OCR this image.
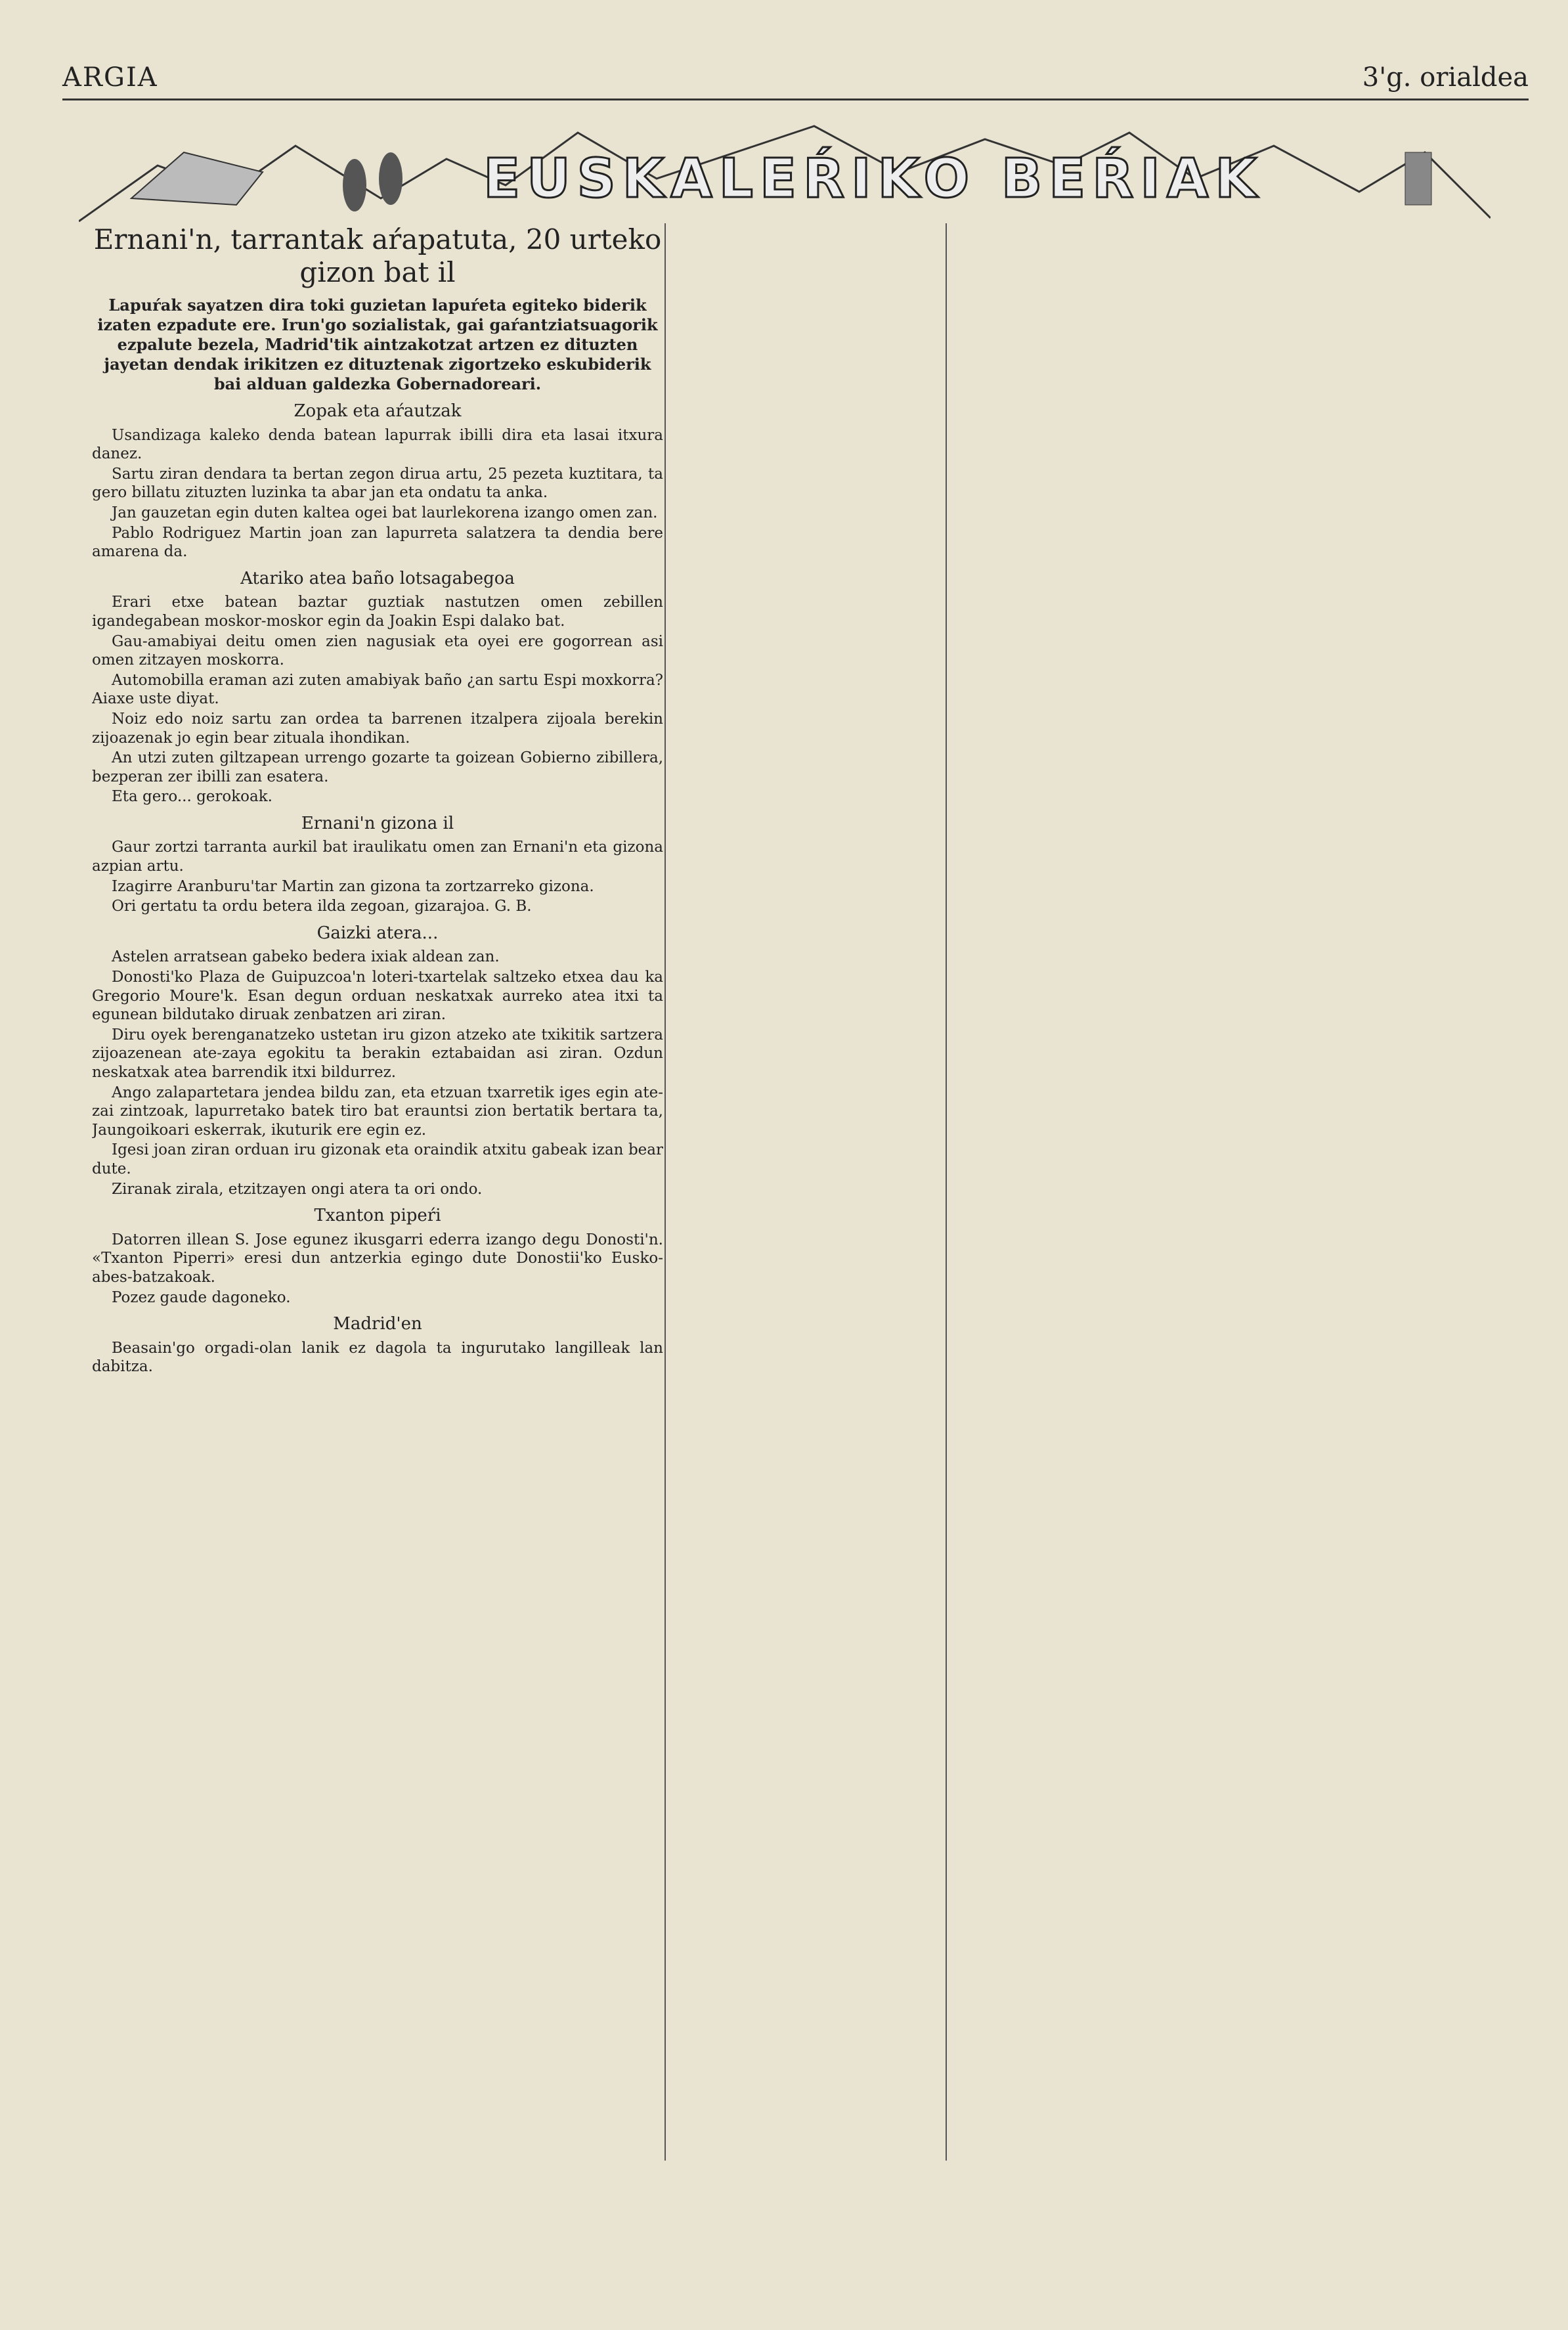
ARGIA	3'g. orialdea
EUSKALEŔIKO BEŔIAK
Ernani'n, tarrantak aŕapatuta, 20 urteko gizon bat il

Lapuŕak sayatzen dira toki guzietan lapuŕeta egiteko biderik izaten ezpadute ere. Irun'go sozialistak, gai gaŕantziatsuagorik ezpalute bezela, Madrid'tik aintzakotzat artzen ez dituzten jayetan dendak irikitzen ez dituztenak zigortzeko eskubiderik bai alduan galdezka Gobernadoreari.

Zopak eta aŕautzak

Usandizaga kaleko denda batean lapurrak ibilli dira eta lasai itxura danez.

Sartu ziran dendara ta bertan zegon dirua artu, 25 pezeta kuztitara, ta gero billatu zituzten luzinka ta abar jan eta ondatu ta anka.

Jan gauzetan egin duten kaltea ogei bat laurlekorena izango omen zan.

Pablo Rodriguez Martin joan zan lapurreta salatzera ta dendia bere amarena da.

Atariko atea baño lotsagabegoa

Erari etxe batean baztar guztiak nastutzen omen zebillen igandegabean moskor-moskor egin da Joakin Espi dalako bat.

Gau-amabiyai deitu omen zien nagusiak eta oyei ere gogorrean asi omen zitzayen moskorra.

Automobilla eraman azi zuten amabiyak baño ¿an sartu Espi moxkorra? Aiaxe uste diyat.

Noiz edo noiz sartu zan ordea ta barrenen itzalpera zijoala berekin zijoazenak jo egin bear zituala ihondikan.

An utzi zuten giltzapean urrengo gozarte ta goizean Gobierno zibillera, bezperan zer ibilli zan esatera.

Eta gero... gerokoak.

Ernani'n gizona il

Gaur zortzi tarranta aurkil bat iraulikatu omen zan Ernani'n eta gizona azpian artu.

Izagirre Aranburu'tar Martin zan gizona ta zortzarreko gizona.

Ori gertatu ta ordu betera ilda zegoan, gizarajoa. G. B.

Gaizki atera...

Astelen arratsean gabeko bedera ixiak aldean zan.

Donosti'ko Plaza de Guipuzcoa'n loteri-txartelak saltzeko etxea dau ka Gregorio Moure'k. Esan degun orduan neskatxak aurreko atea itxi ta egunean bildutako diruak zenbatzen ari ziran.

Diru oyek berenganatzeko ustetan iru gizon atzeko ate txikitik sartzera zijoazenean ate-zaya egokitu ta berakin eztabaidan asi ziran. Ozdun neskatxak atea barrendik itxi bildurrez.

Ango zalapartetara jendea bildu zan, eta etzuan txarretik iges egin ate-zai zintzoak, lapurretako batek tiro bat erauntsi zion bertatik bertara ta, Jaungoikoari eskerrak, ikuturik ere egin ez.

Igesi joan ziran orduan iru gizonak eta oraindik atxitu gabeak izan bear dute.

Ziranak zirala, etzitzayen ongi atera ta ori ondo.

Txanton pipeŕi

Datorren illean S. Jose egunez ikusgarri ederra izango degu Donosti'n. «Txanton Piperri» eresi dun antzerkia egingo dute Donostii'ko Eusko-abes-batzakoak.

Pozez gaude dagoneko.

Madrid'en

Beasain'go orgadi-olan lanik ez dagola ta ingurutako langilleak lan dabitza.
